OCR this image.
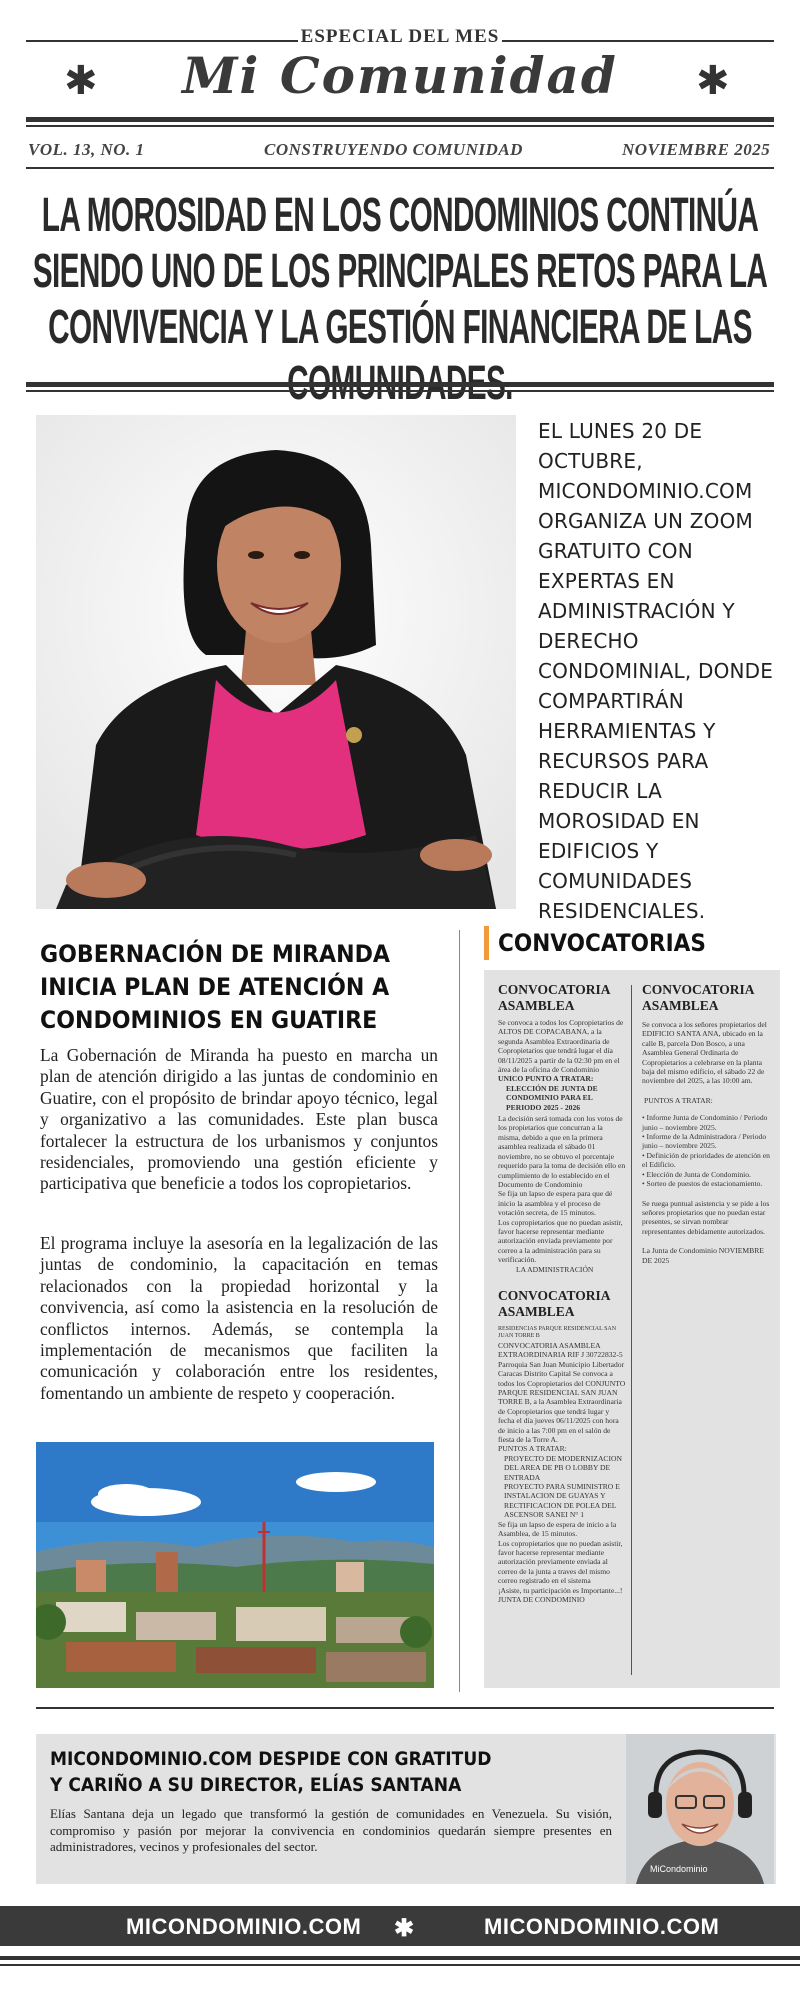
ESPECIAL DEL MES
Mi Comunidad
✱	✱
VOL. 13, NO. 1	CONSTRUYENDO COMUNIDAD	NOVIEMBRE 2025
LA MOROSIDAD EN LOS CONDOMINIOS CONTINÚA SIENDO UNO DE LOS PRINCIPALES RETOS PARA LA CONVIVENCIA Y LA GESTIÓN FINANCIERA DE LAS
EL LUNES 20 DE OCTUBRE, MICONDOMINIO.COM ORGANIZA UN ZOOM GRATUITO CON EXPERTAS EN ADMINISTRACIÓN Y DERECHO CONDOMINIAL, DONDE COMPARTIRÁN HERRAMIENTAS Y RECURSOS PARA REDUCIR LA MOROSIDAD EN EDIFICIOS Y COMUNIDADES RESIDENCIALES.
GOBERNACIÓN DE MIRANDA INICIA PLAN DE ATENCIÓN A CONDOMINIOS EN GUATIRE
La Gobernación de Miranda ha puesto en marcha un plan de atención dirigido a las juntas de condominio en Guatire, con el propósito de brindar apoyo técnico, legal y organizativo a las comunidades. Este plan busca fortalecer la estructura de los urbanismos y conjuntos residenciales, promoviendo una gestión eficiente y participativa que beneficie a todos los copropietarios.
El programa incluye la asesoría en la legalización de las juntas de condominio, la capacitación en temas relacionados con la propiedad horizontal y la convivencia, así como la asistencia en la resolución de conflictos internos. Además, se contempla la implementación de mecanismos que faciliten la comunicación y colaboración entre los residentes, fomentando un ambiente de respeto y cooperación.
CONVOCATORIAS
CONVOCATORIA ASAMBLEA
Se convoca a todos los Copropietarios de ALTOS DE COPACABANA, a la segunda Asamblea Extraordinaria de Copropietarios que tendrá lugar el día 08/11/2025 a partir de la 02:30 pm en el área de la oficina de Condominio
UNICO PUNTO A TRATAR:
ELECCIÓN DE JUNTA DE CONDOMINIO PARA EL PERIODO 2025 - 2026
La decisión será tomada con los votos de los propietarios que concurran a la misma, debido a que en la primera asamblea realizada el sábado 01 noviembre, no se obtuvo el porcentaje requerido para la toma de decisión ello en cumplimiento de lo establecido en el Documento de Condominio
Se fija un lapso de espera para que dé inicio la asamblea y el proceso de votación secreta, de 15 minutos.
Los copropietarios que no puedan asistir, favor hacerse representar mediante autorización enviada previamente por correo a la administración para su verificación.
LA ADMINISTRACIÓN
CONVOCATORIA ASAMBLEA
RESIDENCIAS PARQUE RESIDENCIAL SAN JUAN TORRE B
CONVOCATORIA ASAMBLEA EXTRAORDINARIA RIF J 30722832-5 Parroquia San Juan Municipio Libertador Caracas Distrito Capital Se convoca a todos los Copropietarios del CONJUNTO PARQUE RESIDENCIAL SAN JUAN TORRE B, a la Asamblea Extraordinaria de Copropietarios que tendrá lugar y fecha el día jueves 06/11/2025 con hora de inicio a las 7:00 pm en el salón de fiesta de la Torre A.
PUNTOS A TRATAR:
PROYECTO DE MODERNIZACION DEL AREA DE PB O LOBBY DE ENTRADA
PROYECTO PARA SUMINISTRO E INSTALACION DE GUAYAS Y RECTIFICACION DE POLEA DEL ASCENSOR SANEI N° 1
Se fija un lapso de espera de inicio a la Asamblea, de 15 minutos.
Los copropietarios que no puedan asistir, favor hacerse representar mediante autorización previamente enviada al correo de la junta a traves del mismo correo registrado en el sistema
¡Asiste, tu participación es Importante...!
JUNTA DE CONDOMINIO
CONVOCATORIA ASAMBLEA
Se convoca a los señores propietarios del EDIFICIO SANTA ANA, ubicado en la calle B, parcela Don Bosco, a una Asamblea General Ordinaria de Copropietarios a celebrarse en la planta baja del mismo edificio, el sábado 22 de noviembre del 2025, a las 10:00 am.
PUNTOS A TRATAR:
• Informe Junta de Condominio / Periodo junio – noviembre 2025.
• Informe de la Administradora / Periodo junio – noviembre 2025.
• Definición de prioridades de atención en el Edificio.
• Elección de Junta de Condominio.
• Sorteo de puestos de estacionamiento.
Se ruega puntual asistencia y se pide a los señores propietarios que no puedan estar presentes, se sirvan nombrar representantes debidamente autorizados.
La Junta de Condominio NOVIEMBRE DE 2025
MICONDOMINIO.COM DESPIDE CON GRATITUD
Y CARIÑO A SU DIRECTOR, ELÍAS SANTANA
Elías Santana deja un legado que transformó la gestión de comunidades en Venezuela. Su visión, compromiso y pasión por mejorar la convivencia en condominios quedarán siempre presentes en administradores, vecinos y profesionales del sector.
MiCondominio
MICONDOMINIO.COM ✱	MICONDOMINIO.COM
